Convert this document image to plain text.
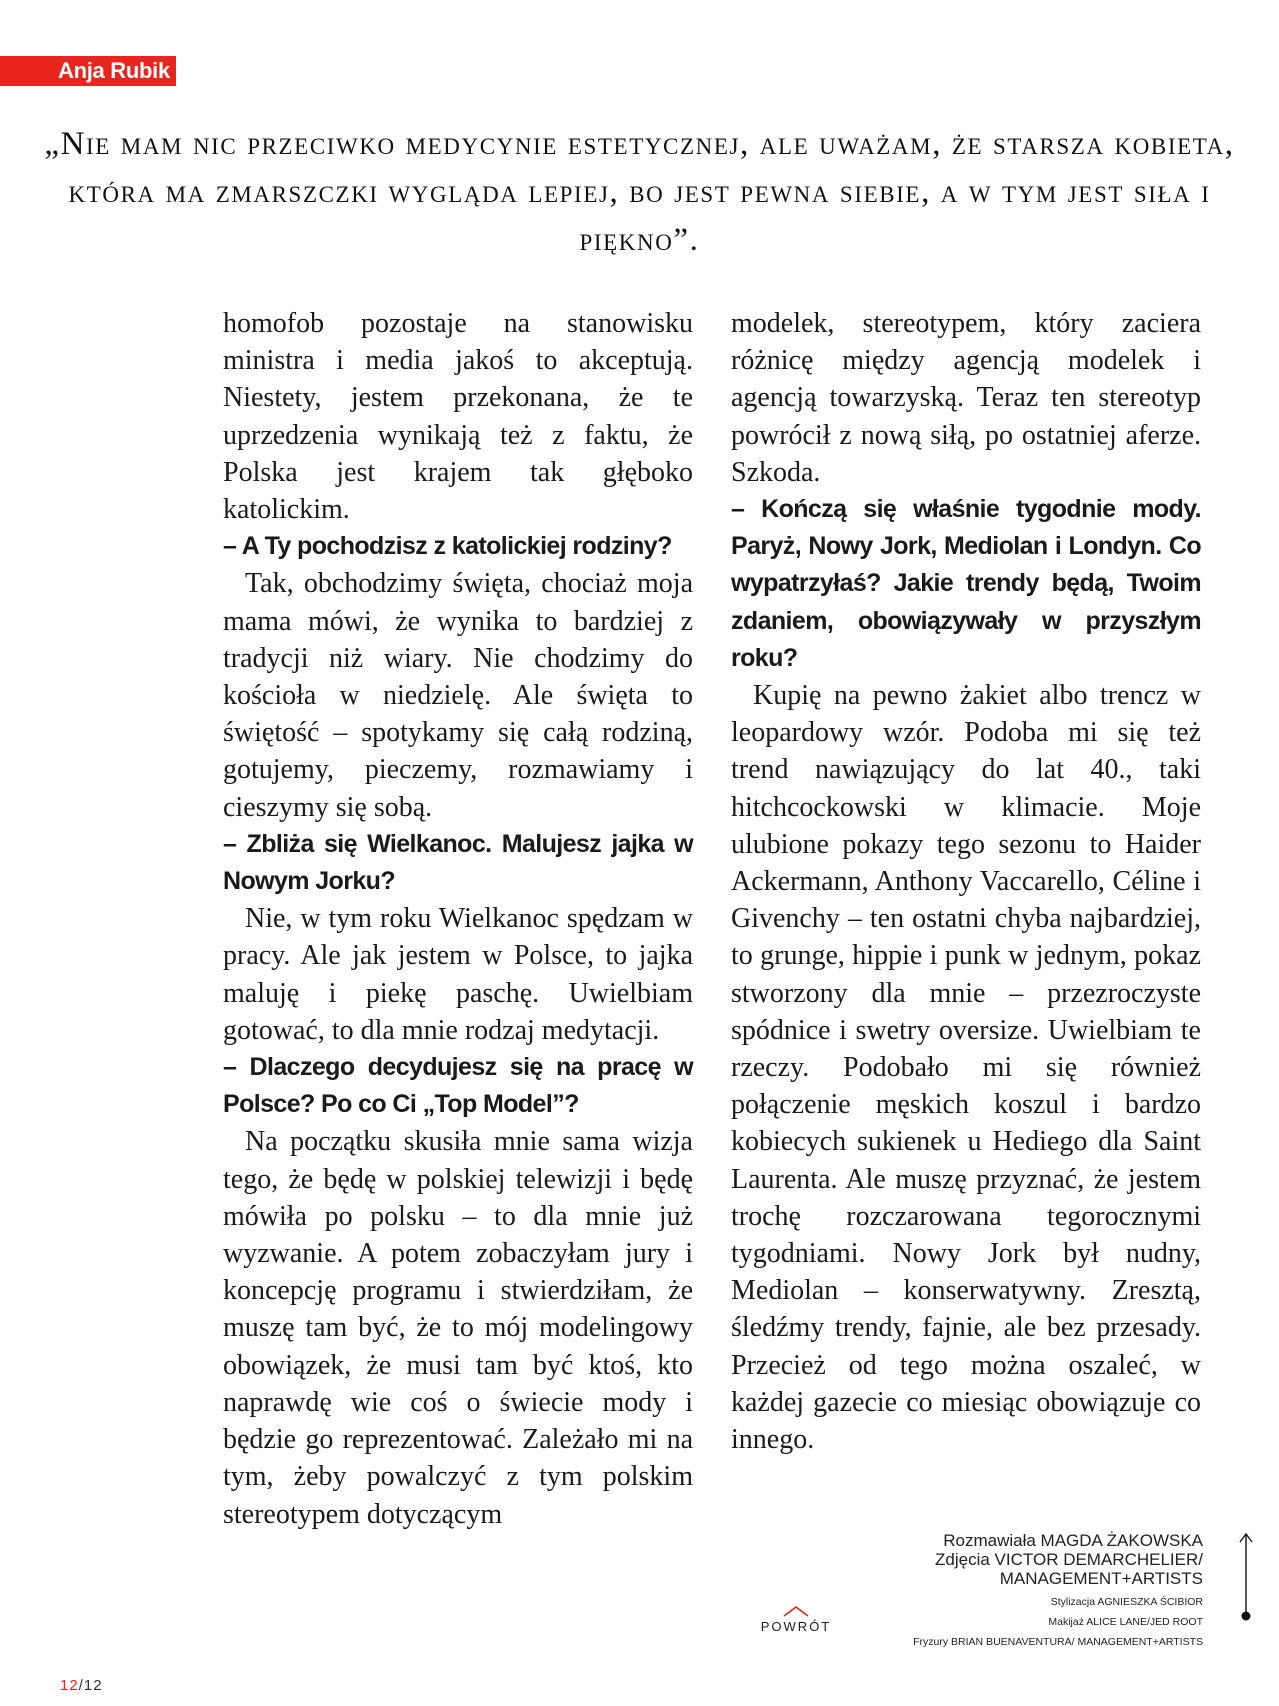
Anja Rubik
„Nie mam nic przeciwko medycynie estetycznej, ale uważam, że starsza kobieta, która ma zmarszczki wygląda lepiej, bo jest pewna siebie, a w tym jest siła i piękno”.

homofob pozostaje na stanowisku ministra i media jakoś to akceptują. Niestety, jestem przekonana, że te uprzedzenia wynikają też z faktu, że Polska jest krajem tak głęboko katolickim.

– A Ty pochodzisz z katolickiej rodziny?

Tak, obchodzimy święta, chociaż moja mama mówi, że wynika to bardziej z tradycji niż wiary. Nie chodzimy do kościoła w niedzielę. Ale święta to świętość – spotykamy się całą rodziną, gotujemy, pieczemy, rozmawiamy i cieszymy się sobą.

– Zbliża się Wielkanoc. Malujesz jajka w Nowym Jorku?

Nie, w tym roku Wielkanoc spędzam w pracy. Ale jak jestem w Polsce, to jajka maluję i piekę paschę. Uwielbiam gotować, to dla mnie rodzaj medytacji.

– Dlaczego decydujesz się na pracę w Polsce? Po co Ci „Top Model”?

Na początku skusiła mnie sama wizja tego, że będę w polskiej telewizji i będę mówiła po polsku – to dla mnie już wyzwanie. A potem zobaczyłam jury i koncepcję programu i stwierdziłam, że muszę tam być, że to mój modelingowy obowiązek, że musi tam być ktoś, kto naprawdę wie coś o świecie mody i będzie go reprezentować. Zależało mi na tym, żeby powalczyć z tym polskim stereotypem dotyczącym

modelek, stereotypem, który zaciera różnicę między agencją modelek i agencją towarzyską. Teraz ten stereotyp powrócił z nową siłą, po ostatniej aferze. Szkoda.

– Kończą się właśnie tygodnie mody. Paryż, Nowy Jork, Mediolan i Londyn. Co wypatrzyłaś? Jakie trendy będą, Twoim zdaniem, obowiązywały w przyszłym roku?

Kupię na pewno żakiet albo trencz w leopardowy wzór. Podoba mi się też trend nawiązujący do lat 40., taki hitchcockowski w klimacie. Moje ulubione pokazy tego sezonu to Haider Ackermann, Anthony Vaccarello, Céline i Givenchy – ten ostatni chyba najbardziej, to grunge, hippie i punk w jednym, pokaz stworzony dla mnie – przezroczyste spódnice i swetry oversize. Uwielbiam te rzeczy. Podobało mi się również połączenie męskich koszul i bardzo kobiecych sukienek u Hediego dla Saint Laurenta. Ale muszę przyznać, że jestem trochę rozczarowana tegorocznymi tygodniami. Nowy Jork był nudny, Mediolan – konserwatywny. Zresztą, śledźmy trendy, fajnie, ale bez przesady. Przecież od tego można oszaleć, w każdej gazecie co miesiąc obowiązuje co innego.

Rozmawiała MAGDA ŻAKOWSKA
Zdjęcia VICTOR DEMARCHELIER/ MANAGEMENT+ARTISTS
Stylizacja AGNIESZKA ŚCIBIOR
Makijaż ALICE LANE/JED ROOT
Fryzury BRIAN BUENAVENTURA/ MANAGEMENT+ARTISTS
POWRÓT
12/12
